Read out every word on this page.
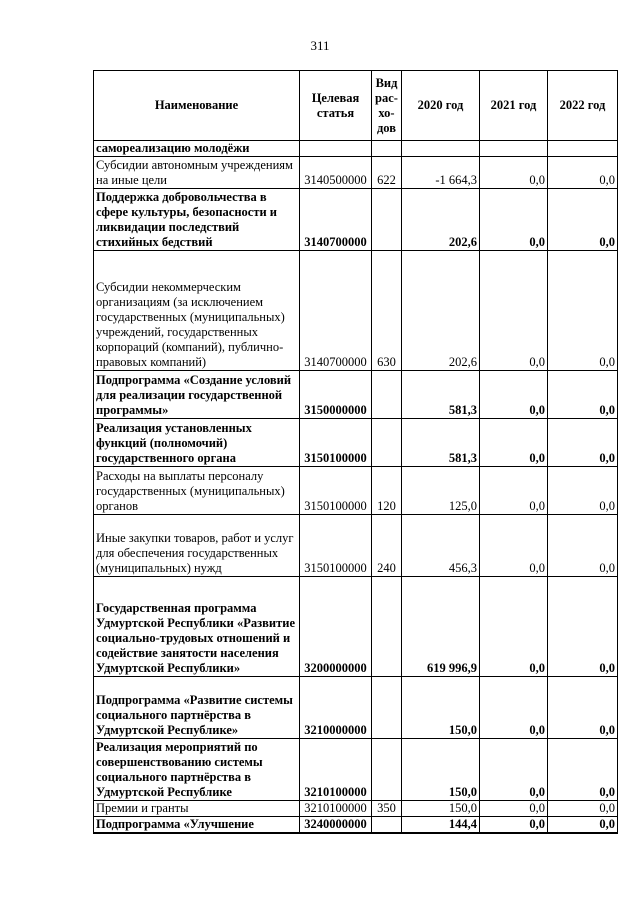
311
Наименование	Целевая статья	Вид рас-хо-дов	2020 год	2021 год	2022 год
самореализацию молодёжи					
Субсидии автономным учреждениям на иные цели	3140500000	622	-1 664,3	0,0	0,0
Поддержка добровольчества в сфере культуры, безопасности и ликвидации последствий стихийных бедствий	3140700000		202,6	0,0	0,0
Субсидии некоммерческим организациям (за исключением государственных (муниципальных) учреждений, государственных корпораций (компаний), публично-правовых компаний)	3140700000	630	202,6	0,0	0,0
Подпрограмма «Создание условий для реализации государственной программы»	3150000000		581,3	0,0	0,0
Реализация установленных функций (полномочий) государственного органа	3150100000		581,3	0,0	0,0
Расходы на выплаты персоналу государственных (муниципальных) органов	3150100000	120	125,0	0,0	0,0
Иные закупки товаров, работ и услуг для обеспечения государственных (муниципальных) нужд	3150100000	240	456,3	0,0	0,0
Государственная программа Удмуртской Республики «Развитие социально-трудовых отношений и содействие занятости населения Удмуртской Республики»	3200000000		619 996,9	0,0	0,0
Подпрограмма «Развитие системы социального партнёрства в Удмуртской Республике»	3210000000		150,0	0,0	0,0
Реализация мероприятий по совершенствованию системы социального партнёрства в Удмуртской Республике	3210100000		150,0	0,0	0,0
Премии и гранты	3210100000	350	150,0	0,0	0,0
Подпрограмма «Улучшение	3240000000		144,4	0,0	0,0
